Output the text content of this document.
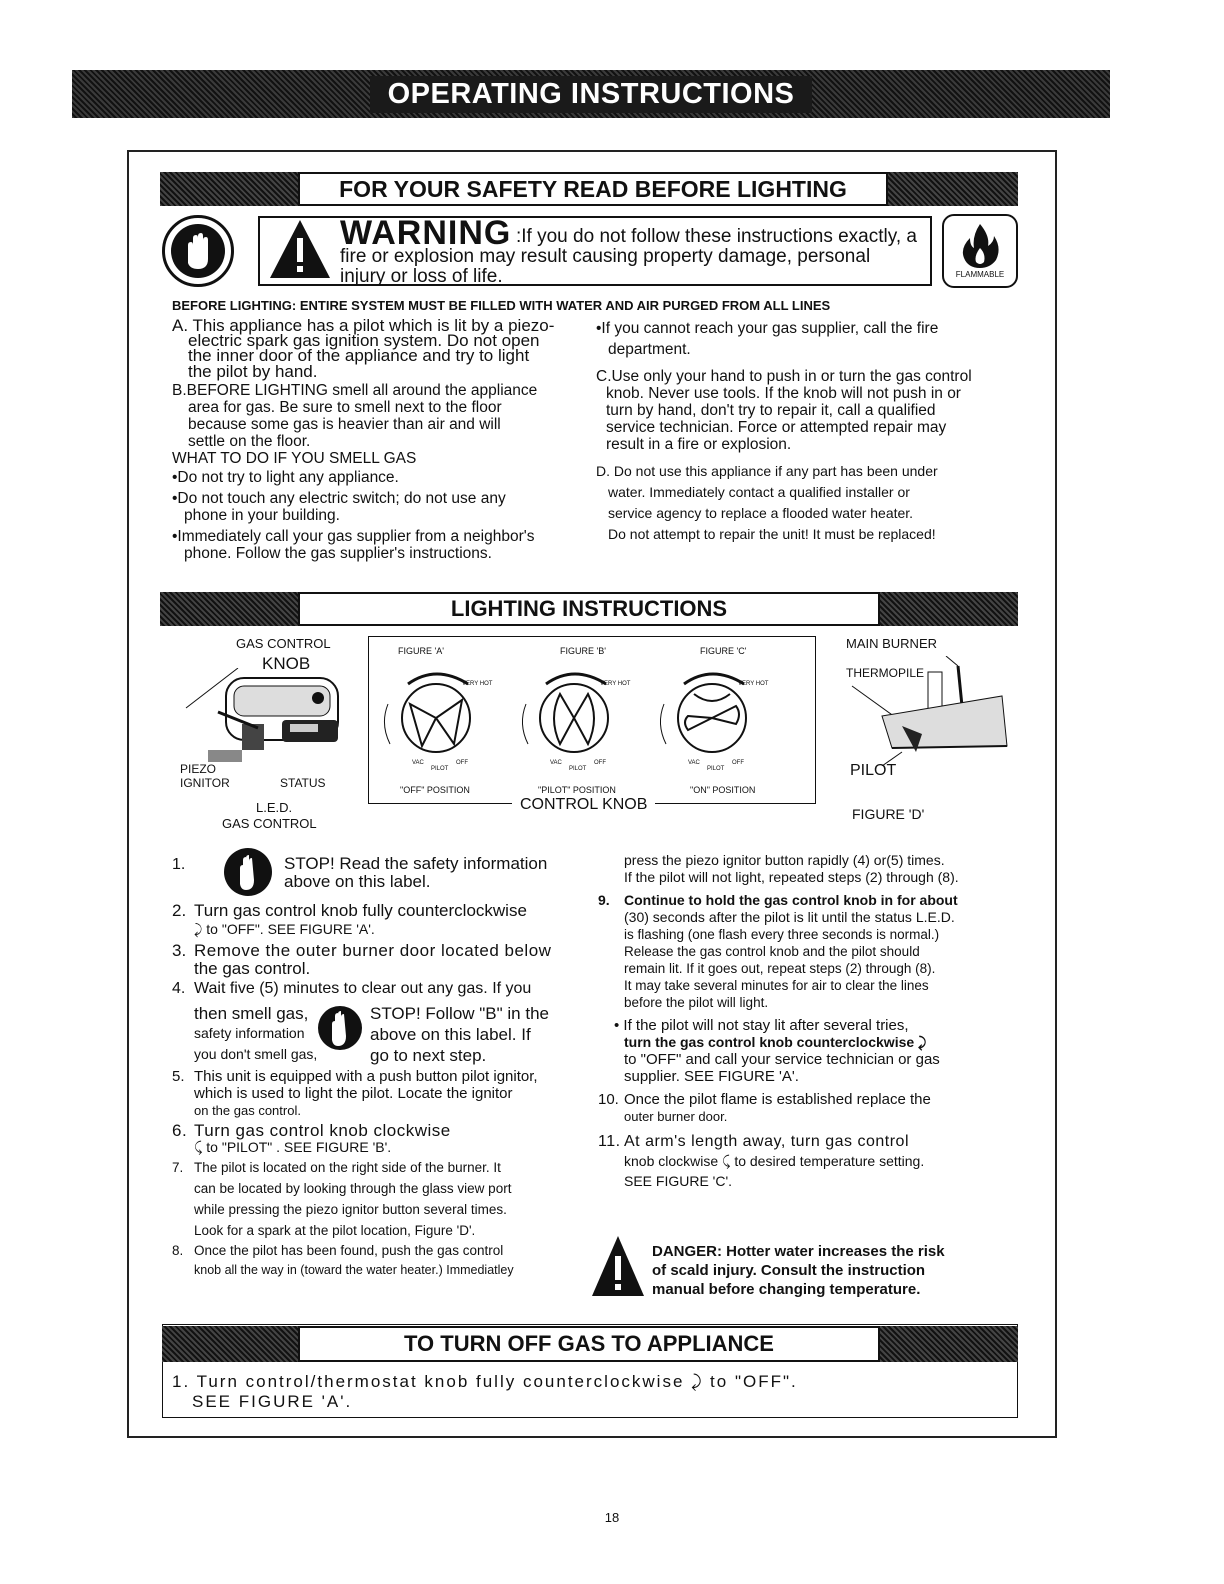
OPERATING INSTRUCTIONS
FOR YOUR SAFETY READ BEFORE LIGHTING
WARNING :If you do not follow these instructions exactly, a
fire or explosion may result causing property damage, personal
injury or loss of life.	FLAMMABLE
BEFORE LIGHTING: ENTIRE SYSTEM MUST BE FILLED WITH WATER AND AIR PURGED FROM ALL LINES

A. This appliance has a pilot which is lit by a piezo-

electric spark gas ignition system. Do not open

the inner door of the appliance and try to light

the pilot by hand.

B.BEFORE LIGHTING smell all around the appliance

area for gas. Be sure to smell next to the floor

because some gas is heavier than air and will

settle on the floor.

WHAT TO DO IF YOU SMELL GAS

•Do not try to light any appliance.

•Do not touch any electric switch; do not use any

phone in your building.

•Immediately call your gas supplier from a neighbor's

phone. Follow the gas supplier's instructions.

•If you cannot reach your gas supplier, call the fire

department.

C.Use only your hand to push in or turn the gas control

knob. Never use tools. If the knob will not push in or

turn by hand, don't try to repair it, call a qualified

service technician. Force or attempted repair may

result in a fire or explosion.

D. Do not use this appliance if any part has been under

water. Immediately contact a qualified installer or

service agency to replace a flooded water heater.

Do not attempt to repair the unit! It must be replaced!

LIGHTING INSTRUCTIONS
GAS CONTROL
KNOB
PIEZO
IGNITOR	STATUS
L.E.D.
GAS CONTROL
FIGURE 'A'	FIGURE 'B'	FIGURE 'C'
VERY HOT	VERY HOT	VERY HOT
VAC
PILOT
OFF	VAC
PILOT
OFF	VAC
PILOT
OFF
"OFF" POSITION	"PILOT" POSITION	"ON" POSITION
CONTROL KNOB
MAIN BURNER
THERMOPILE
PILOT
FIGURE 'D'
1.	STOP! Read the safety information
above on this label.

2. Turn gas control knob fully counterclockwise

⤸ to "OFF". SEE FIGURE 'A'.

3. Remove the outer burner door located below

the gas control.

4. Wait five (5) minutes to clear out any gas. If you

then smell gas,	STOP! Follow "B" in the
safety information	above on this label. If
you don't smell gas,	go to next step.

5. This unit is equipped with a push button pilot ignitor,

which is used to light the pilot. Locate the ignitor

on the gas control.

6. Turn gas control knob clockwise

⤹ to "PILOT" . SEE FIGURE 'B'.

7. The pilot is located on the right side of the burner. It

can be located by looking through the glass view port

while pressing the piezo ignitor button several times.

Look for a spark at the pilot location, Figure 'D'.

8. Once the pilot has been found, push the gas control

knob all the way in (toward the water heater.) Immediatley

press the piezo ignitor button rapidly (4) or(5) times.

If the pilot will not light, repeated steps (2) through (8).

9. Continue to hold the gas control knob in for about

(30) seconds after the pilot is lit until the status L.E.D.

is flashing (one flash every three seconds is normal.)

Release the gas control knob and the pilot should

remain lit. If it goes out, repeat steps (2) through (8).

It may take several minutes for air to clear the lines

before the pilot will light.

• If the pilot will not stay lit after several tries,

turn the gas control knob counterclockwise ⤸

to "OFF" and call your service technician or gas

supplier. SEE FIGURE 'A'.

10. Once the pilot flame is established replace the

outer burner door.

11. At arm's length away, turn gas control

knob clockwise ⤹ to desired temperature setting.

SEE FIGURE 'C'.

DANGER: Hotter water increases the risk

of scald injury. Consult the instruction

manual before changing temperature.

TO TURN OFF GAS TO APPLIANCE
1. Turn control/thermostat knob fully counterclockwise ⤸ to "OFF".
SEE FIGURE 'A'.
18
